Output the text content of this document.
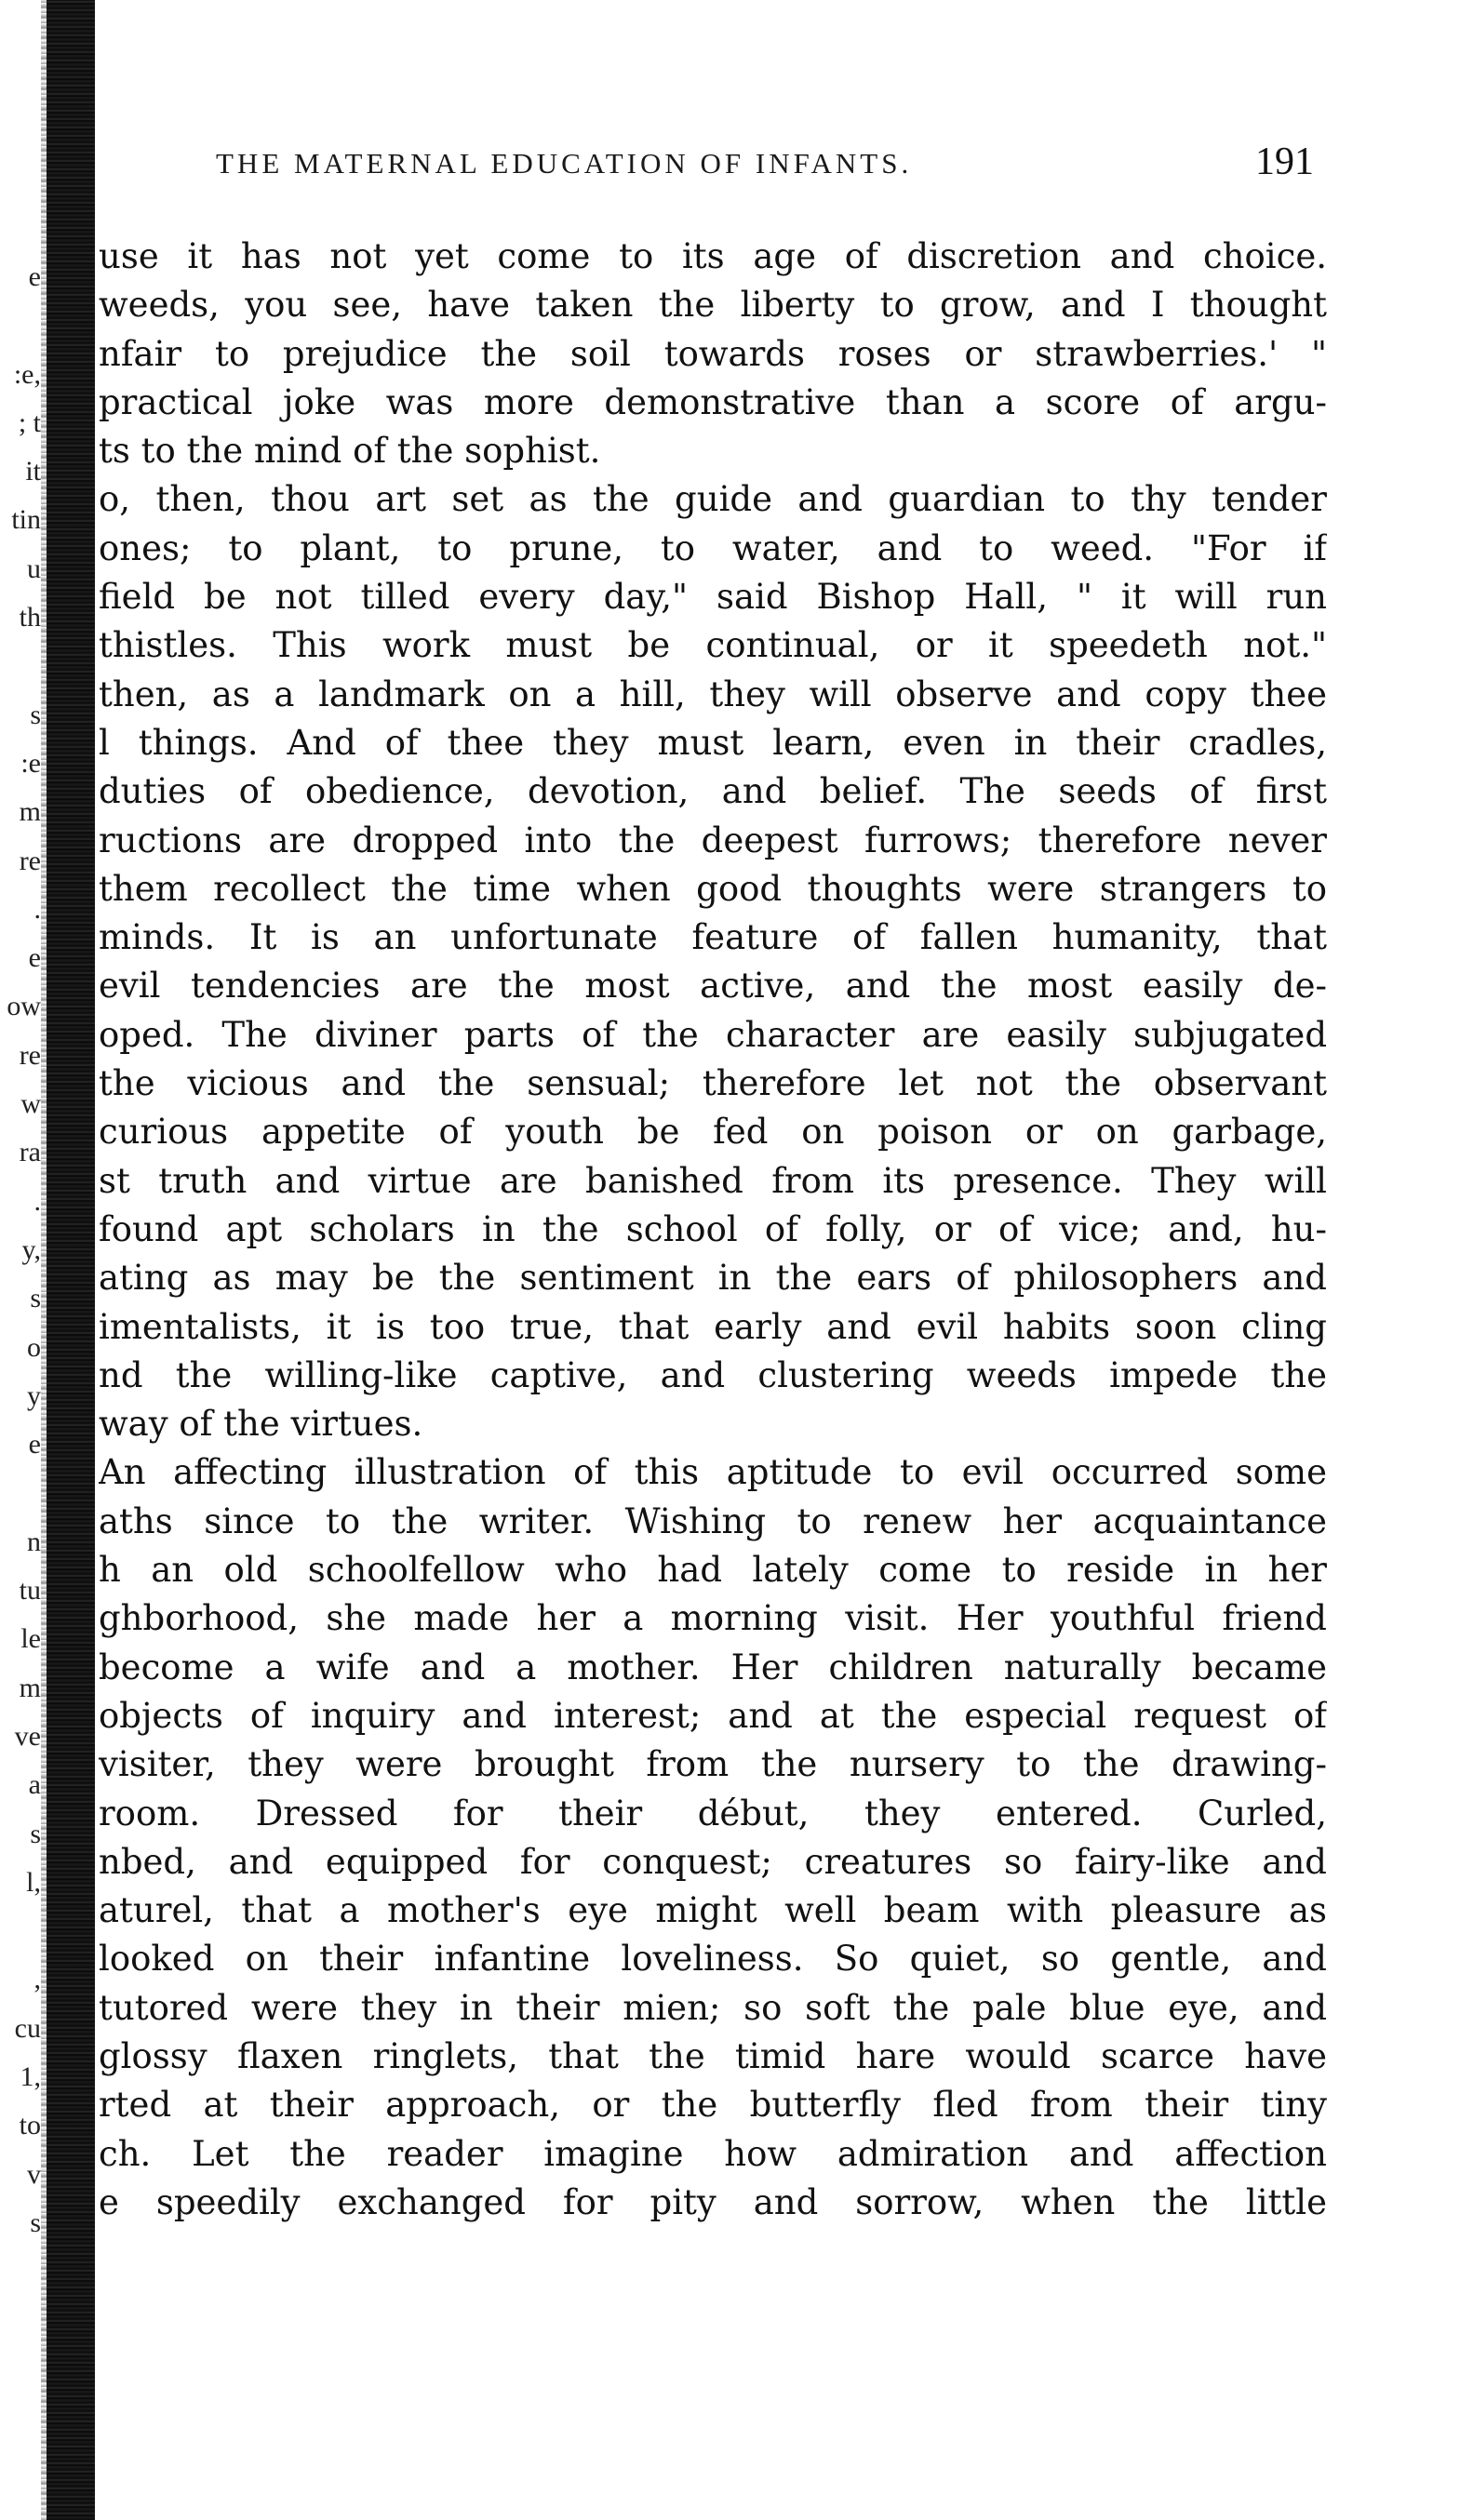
e
:e,
; t
it
tin
u
th
s
:e
m
re
.
e
ow
re
w
ra
.
y,
s
o
y
e
n
tu
le
m
ve
a
s
l,
,
cu
1,
to
v
s
THE MATERNAL EDUCATION OF INFANTS.	191
use it has not yet come to its age of discretion and choice.
weeds, you see, have taken the liberty to grow, and I thought
nfair to prejudice the soil towards roses or strawberries.' "
practical joke was more demonstrative than a score of argu-
ts to the mind of the sophist.
o, then, thou art set as the guide and guardian to thy tender
ones; to plant, to prune, to water, and to weed. "For if
field be not tilled every day," said Bishop Hall, " it will run
thistles. This work must be continual, or it speedeth not."
then, as a landmark on a hill, they will observe and copy thee
l things. And of thee they must learn, even in their cradles,
duties of obedience, devotion, and belief. The seeds of first
ructions are dropped into the deepest furrows; therefore never
them recollect the time when good thoughts were strangers to
minds. It is an unfortunate feature of fallen humanity, that
evil tendencies are the most active, and the most easily de-
oped. The diviner parts of the character are easily subjugated
the vicious and the sensual; therefore let not the observant
curious appetite of youth be fed on poison or on garbage,
st truth and virtue are banished from its presence. They will
found apt scholars in the school of folly, or of vice; and, hu-
ating as may be the sentiment in the ears of philosophers and
imentalists, it is too true, that early and evil habits soon cling
nd the willing-like captive, and clustering weeds impede the
way of the virtues.
An affecting illustration of this aptitude to evil occurred some
aths since to the writer. Wishing to renew her acquaintance
h an old schoolfellow who had lately come to reside in her
ghborhood, she made her a morning visit. Her youthful friend
become a wife and a mother. Her children naturally became
objects of inquiry and interest; and at the especial request of
visiter, they were brought from the nursery to the drawing-
room. Dressed for their début, they entered. Curled,
nbed, and equipped for conquest; creatures so fairy-like and
aturel, that a mother's eye might well beam with pleasure as
looked on their infantine loveliness. So quiet, so gentle, and
tutored were they in their mien; so soft the pale blue eye, and
glossy flaxen ringlets, that the timid hare would scarce have
rted at their approach, or the butterfly fled from their tiny
ch. Let the reader imagine how admiration and affection
e speedily exchanged for pity and sorrow, when the little
